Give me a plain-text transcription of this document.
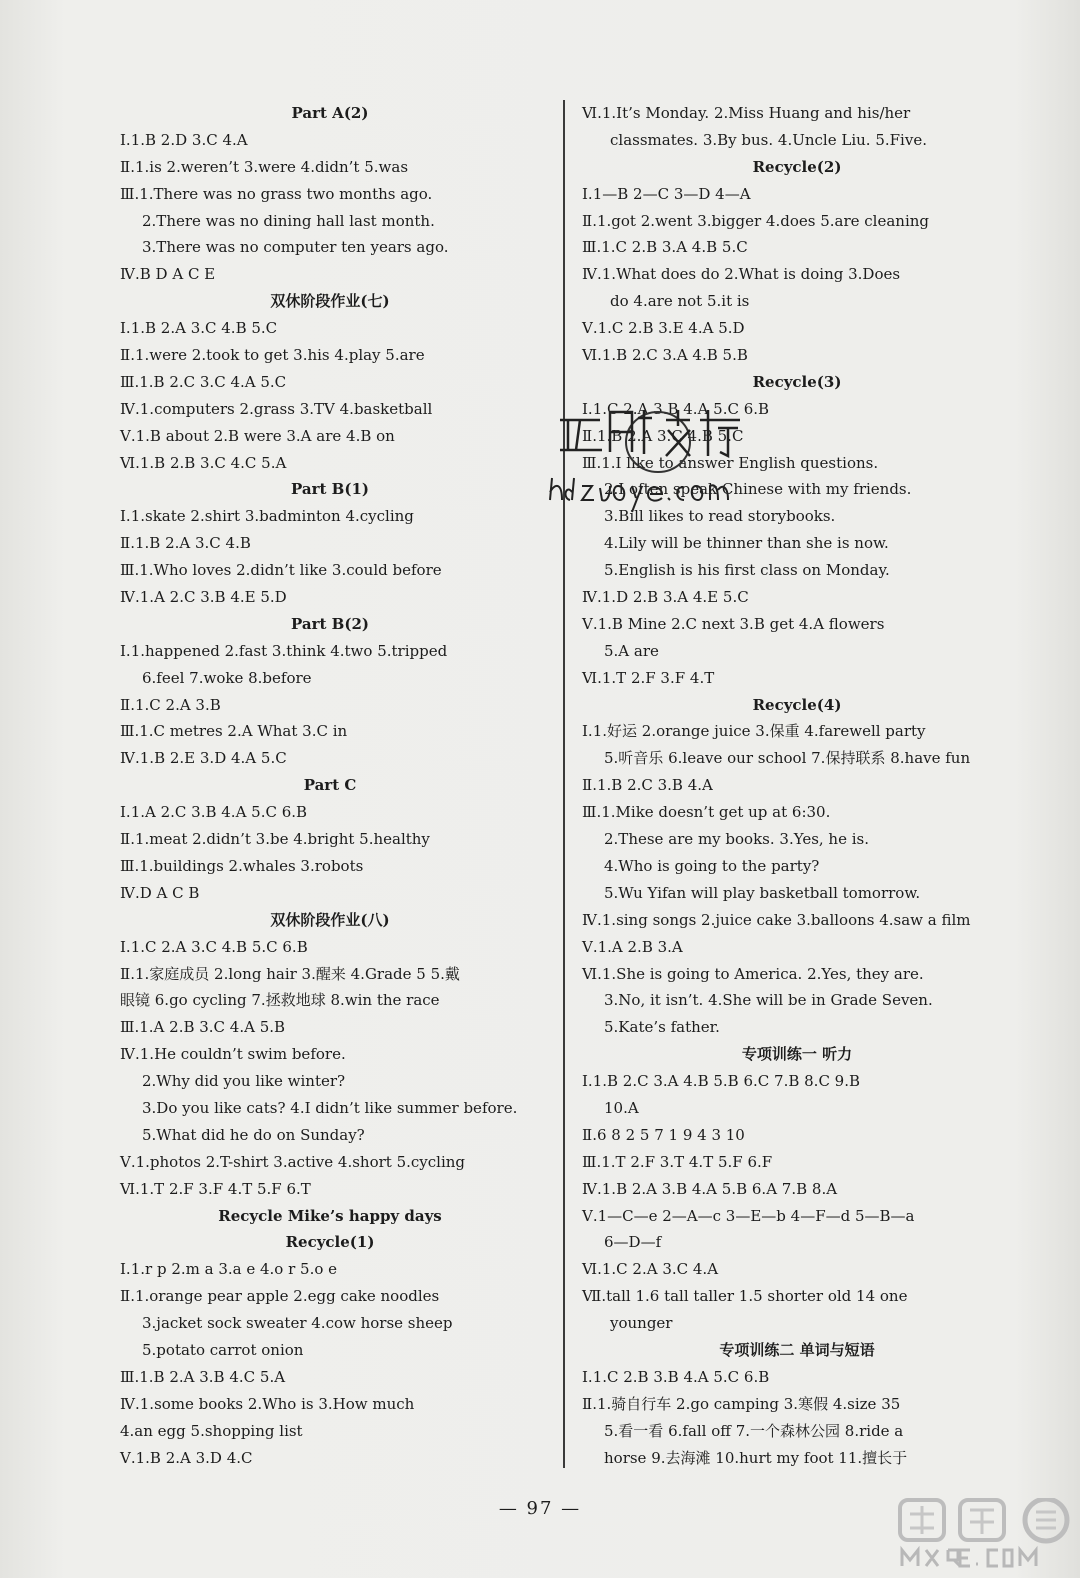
Part A(2)
Ⅰ.1.B 2.D 3.C 4.A
Ⅱ.1.is 2.weren’t 3.were 4.didn’t 5.was
Ⅲ.1.There was no grass two months ago.
2.There was no dining hall last month.
3.There was no computer ten years ago.
Ⅳ.B D A C E
双休阶段作业(七)
Ⅰ.1.B 2.A 3.C 4.B 5.C
Ⅱ.1.were 2.took to get 3.his 4.play 5.are
Ⅲ.1.B 2.C 3.C 4.A 5.C
Ⅳ.1.computers 2.grass 3.TV 4.basketball
Ⅴ.1.B about 2.B were 3.A are 4.B on
Ⅵ.1.B 2.B 3.C 4.C 5.A
Part B(1)
Ⅰ.1.skate 2.shirt 3.badminton 4.cycling
Ⅱ.1.B 2.A 3.C 4.B
Ⅲ.1.Who loves 2.didn’t like 3.could before
Ⅳ.1.A 2.C 3.B 4.E 5.D
Part B(2)
Ⅰ.1.happened 2.fast 3.think 4.two 5.tripped
6.feel 7.woke 8.before
Ⅱ.1.C 2.A 3.B
Ⅲ.1.C metres 2.A What 3.C in
Ⅳ.1.B 2.E 3.D 4.A 5.C
Part C
Ⅰ.1.A 2.C 3.B 4.A 5.C 6.B
Ⅱ.1.meat 2.didn’t 3.be 4.bright 5.healthy
Ⅲ.1.buildings 2.whales 3.robots
Ⅳ.D A C B
双休阶段作业(八)
Ⅰ.1.C 2.A 3.C 4.B 5.C 6.B
Ⅱ.1.家庭成员 2.long hair 3.醒来 4.Grade 5 5.戴
眼镜 6.go cycling 7.拯救地球 8.win the race
Ⅲ.1.A 2.B 3.C 4.A 5.B
Ⅳ.1.He couldn’t swim before.
2.Why did you like winter?
3.Do you like cats? 4.I didn’t like summer before.
5.What did he do on Sunday?
Ⅴ.1.photos 2.T-shirt 3.active 4.short 5.cycling
Ⅵ.1.T 2.F 3.F 4.T 5.F 6.T
Recycle Mike’s happy days
Recycle(1)
Ⅰ.1.r p 2.m a 3.a e 4.o r 5.o e
Ⅱ.1.orange pear apple 2.egg cake noodles
3.jacket sock sweater 4.cow horse sheep
5.potato carrot onion
Ⅲ.1.B 2.A 3.B 4.C 5.A
Ⅳ.1.some books 2.Who is 3.How much
4.an egg 5.shopping list
Ⅴ.1.B 2.A 3.D 4.C
Ⅵ.1.It’s Monday. 2.Miss Huang and his/her
classmates. 3.By bus. 4.Uncle Liu. 5.Five.
Recycle(2)
Ⅰ.1—B 2—C 3—D 4—A
Ⅱ.1.got 2.went 3.bigger 4.does 5.are cleaning
Ⅲ.1.C 2.B 3.A 4.B 5.C
Ⅳ.1.What does do 2.What is doing 3.Does
do 4.are not 5.it is
Ⅴ.1.C 2.B 3.E 4.A 5.D
Ⅵ.1.B 2.C 3.A 4.B 5.B
Recycle(3)
Ⅰ.1.C 2.A 3.B 4.A 5.C 6.B
Ⅱ.1.B 2.A 3.C 4.B 5.C
Ⅲ.1.I like to answer English questions.
2.I often speak Chinese with my friends.
3.Bill likes to read storybooks.
4.Lily will be thinner than she is now.
5.English is his first class on Monday.
Ⅳ.1.D 2.B 3.A 4.E 5.C
Ⅴ.1.B Mine 2.C next 3.B get 4.A flowers
5.A are
Ⅵ.1.T 2.F 3.F 4.T
Recycle(4)
Ⅰ.1.好运 2.orange juice 3.保重 4.farewell party
5.听音乐 6.leave our school 7.保持联系 8.have fun
Ⅱ.1.B 2.C 3.B 4.A
Ⅲ.1.Mike doesn’t get up at 6:30.
2.These are my books. 3.Yes, he is.
4.Who is going to the party?
5.Wu Yifan will play basketball tomorrow.
Ⅳ.1.sing songs 2.juice cake 3.balloons 4.saw a film
Ⅴ.1.A 2.B 3.A
Ⅵ.1.She is going to America. 2.Yes, they are.
3.No, it isn’t. 4.She will be in Grade Seven.
5.Kate’s father.
专项训练一 听力
Ⅰ.1.B 2.C 3.A 4.B 5.B 6.C 7.B 8.C 9.B
10.A
Ⅱ.6 8 2 5 7 1 9 4 3 10
Ⅲ.1.T 2.F 3.T 4.T 5.F 6.F
Ⅳ.1.B 2.A 3.B 4.A 5.B 6.A 7.B 8.A
Ⅴ.1—C—e 2—A—c 3—E—b 4—F—d 5—B—a
6—D—f
Ⅵ.1.C 2.A 3.C 4.A
Ⅶ.tall 1.6 tall taller 1.5 shorter old 14 one
younger
专项训练二 单词与短语
Ⅰ.1.C 2.B 3.B 4.A 5.C 6.B
Ⅱ.1.骑自行车 2.go camping 3.寒假 4.size 35
5.看一看 6.fall off 7.一个森林公园 8.ride a
horse 9.去海滩 10.hurt my foot 11.擅长于
— 97 —
